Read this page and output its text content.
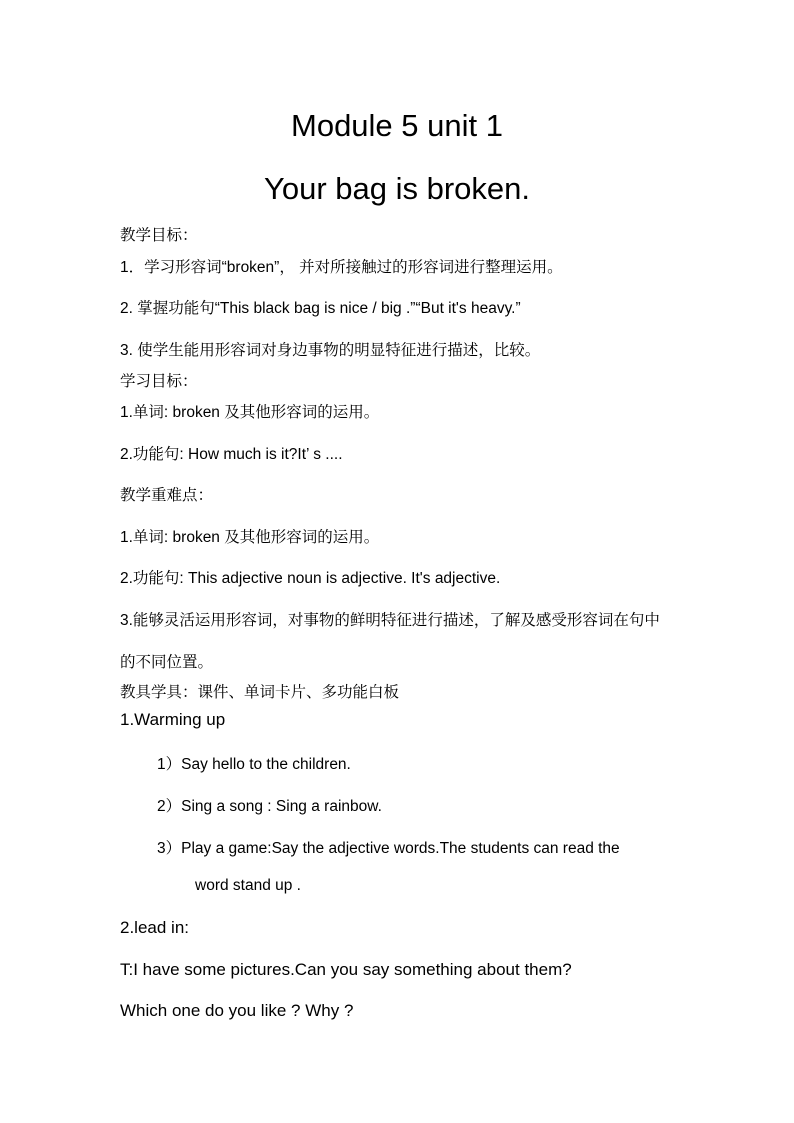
Module 5 unit 1
Your bag is broken.
教学目标：
1．学习形容词“broken”， 并对所接触过的形容词进行整理运用。
2. 掌握功能句“This black bag is nice / big .”“But it's heavy.”
3. 使学生能用形容词对身边事物的明显特征进行描述，比较。
学习目标：
1.单词: broken 及其他形容词的运用。
2.功能句: How much is it?It’ s ....
教学重难点：
1.单词: broken 及其他形容词的运用。
2.功能句: This adjective noun is adjective. It's adjective.
3.能够灵活运用形容词，对事物的鲜明特征进行描述，了解及感受形容词在句中
的不同位置。
教具学具：课件、单词卡片、多功能白板
1.Warming up
1）Say hello to the children.
2）Sing a song : Sing a rainbow.
3）Play a game:Say the adjective words.The students can read the
word stand up .
2.lead in:
T:I have some pictures.Can you say something about them?
Which one do you like ? Why ?
